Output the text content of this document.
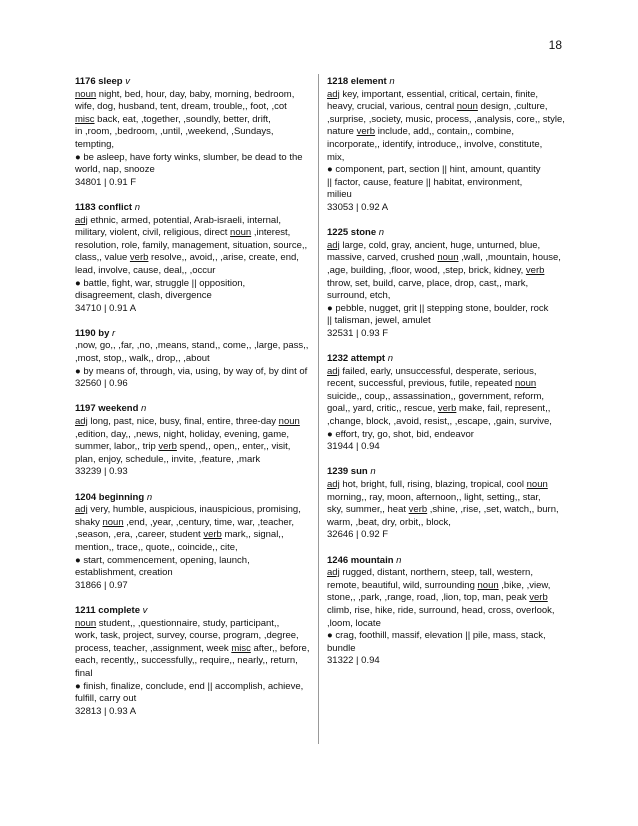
18
1176 sleep v
noun night, bed, hour, day, baby, morning, bedroom,
wife, dog, husband, tent, dream, trouble,, foot, ,cot
misc back, eat, ,together, ,soundly, better, drift,
in ,room, ,bedroom, ,until, ,weekend, ,Sundays,
tempting,
● be asleep, have forty winks, slumber, be dead to the
world, nap, snooze
34801 | 0.91 F
1183 conflict n
adj ethnic, armed, potential, Arab-israeli, internal,
military, violent, civil, religious, direct noun ,interest,
resolution, role, family, management, situation, source,,
class,, value verb resolve,, avoid,, ,arise, create, end,
lead, involve, cause, deal,, ,occur
● battle, fight, war, struggle || opposition,
disagreement, clash, divergence
34710 | 0.91 A
1190 by r
,now, go,, ,far, ,no, ,means, stand,, come,, ,large, pass,,
,most, stop,, walk,, drop,, ,about
● by means of, through, via, using, by way of, by dint of
32560 | 0.96
1197 weekend n
adj long, past, nice, busy, final, entire, three-day noun
,edition, day,, ,news, night, holiday, evening, game,
summer, labor,, trip verb spend,, open,, enter,, visit,
plan, enjoy, schedule,, invite, ,feature, ,mark
33239 | 0.93
1204 beginning n
adj very, humble, auspicious, inauspicious, promising,
shaky noun ,end, ,year, ,century, time, war, ,teacher,
,season, ,era, ,career, student verb mark,, signal,,
mention,, trace,, quote,, coincide,, cite,
● start, commencement, opening, launch,
establishment, creation
31866 | 0.97
1211 complete v
noun student,, ,questionnaire, study, participant,,
work, task, project, survey, course, program, ,degree,
process, teacher, ,assignment, week misc after,, before,
each, recently,, successfully,, require,, nearly,, return,
final
● finish, finalize, conclude, end || accomplish, achieve,
fulfill, carry out
32813 | 0.93 A
1218 element n
adj key, important, essential, critical, certain, finite,
heavy, crucial, various, central noun design, ,culture,
,surprise, ,society, music, process, ,analysis, core,, style,
nature verb include, add,, contain,, combine,
incorporate,, identify, introduce,, involve, constitute,
mix,
● component, part, section || hint, amount, quantity
|| factor, cause, feature || habitat, environment,
milieu
33053 | 0.92 A
1225 stone n
adj large, cold, gray, ancient, huge, unturned, blue,
massive, carved, crushed noun ,wall, ,mountain, house,
,age, building, ,floor, wood, ,step, brick, kidney, verb
throw, set, build, carve, place, drop, cast,, mark,
surround, etch,
● pebble, nugget, grit || stepping stone, boulder, rock
|| talisman, jewel, amulet
32531 | 0.93 F
1232 attempt n
adj failed, early, unsuccessful, desperate, serious,
recent, successful, previous, futile, repeated noun
suicide,, coup,, assassination,, government, reform,
goal,, yard, critic,, rescue, verb make, fail, represent,,
,change, block, ,avoid, resist,, ,escape, ,gain, survive,
● effort, try, go, shot, bid, endeavor
31944 | 0.94
1239 sun n
adj hot, bright, full, rising, blazing, tropical, cool noun
morning,, ray, moon, afternoon,, light, setting,, star,
sky, summer,, heat verb ,shine, ,rise, ,set, watch,, burn,
warm, ,beat, dry, orbit,, block,
32646 | 0.92 F
1246 mountain n
adj rugged, distant, northern, steep, tall, western,
remote, beautiful, wild, surrounding noun ,bike, ,view,
stone,, ,park, ,range, road, ,lion, top, man, peak verb
climb, rise, hike, ride, surround, head, cross, overlook,
,loom, locate
● crag, foothill, massif, elevation || pile, mass, stack,
bundle
31322 | 0.94
